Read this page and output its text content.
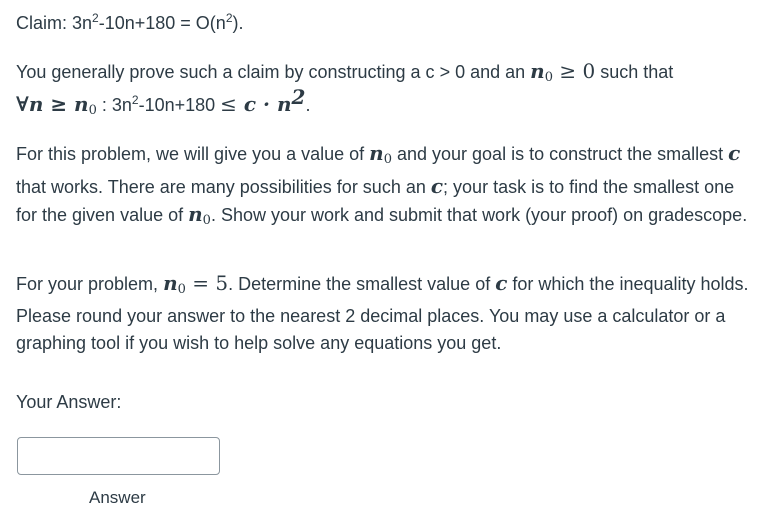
Claim: $3n^2-10n+180 = O(n^2)$.
You generally prove such a claim by constructing a c > 0 and an n0 ≥ 0 such that
∀n ≥ n0 : $3n^2-10n+180 \le c \cdot n^2$.
For this problem, we will give you a value of n0 and your goal is to construct the smallest c that works. There are many possibilities for such an c; your task is to find the smallest one for the given value of n0. Show your work and submit that work (your proof) on gradescope.
For your problem, n0 = 5. Determine the smallest value of c for which the inequality holds. Please round your answer to the nearest 2 decimal places. You may use a calculator or a graphing tool if you wish to help solve any equations you get.
Your Answer:
Answer
